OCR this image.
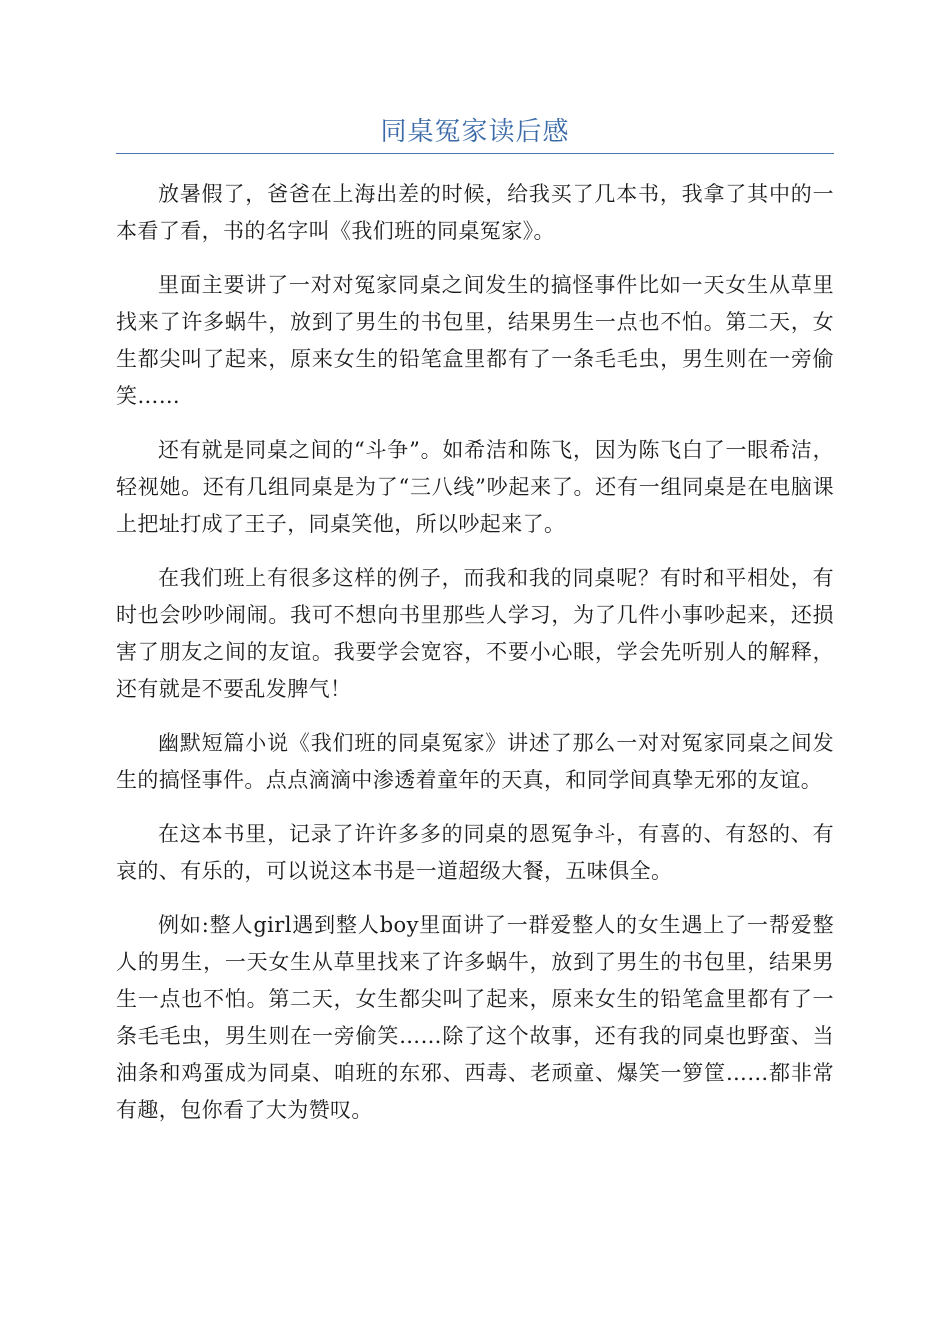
同桌冤家读后感

放暑假了，爸爸在上海出差的时候，给我买了几本书，我拿了其中的一本看了看，书的名字叫《我们班的同桌冤家》。

里面主要讲了一对对冤家同桌之间发生的搞怪事件比如一天女生从草里找来了许多蜗牛，放到了男生的书包里，结果男生一点也不怕。第二天，女生都尖叫了起来，原来女生的铅笔盒里都有了一条毛毛虫，男生则在一旁偷笑……

还有就是同桌之间的“斗争”。如希洁和陈飞，因为陈飞白了一眼希洁，轻视她。还有几组同桌是为了“三八线”吵起来了。还有一组同桌是在电脑课上把址打成了王子，同桌笑他，所以吵起来了。

在我们班上有很多这样的例子，而我和我的同桌呢？有时和平相处，有时也会吵吵闹闹。我可不想向书里那些人学习，为了几件小事吵起来，还损害了朋友之间的友谊。我要学会宽容，不要小心眼，学会先听别人的解释，还有就是不要乱发脾气！

幽默短篇小说《我们班的同桌冤家》讲述了那么一对对冤家同桌之间发生的搞怪事件。点点滴滴中渗透着童年的天真，和同学间真挚无邪的友谊。

在这本书里，记录了许许多多的同桌的恩冤争斗，有喜的、有怒的、有哀的、有乐的，可以说这本书是一道超级大餐，五味俱全。

例如:整人girl遇到整人boy里面讲了一群爱整人的女生遇上了一帮爱整人的男生，一天女生从草里找来了许多蜗牛，放到了男生的书包里，结果男生一点也不怕。第二天，女生都尖叫了起来，原来女生的铅笔盒里都有了一条毛毛虫，男生则在一旁偷笑……除了这个故事，还有我的同桌也野蛮、当油条和鸡蛋成为同桌、咱班的东邪、西毒、老顽童、爆笑一箩筐……都非常有趣，包你看了大为赞叹。
